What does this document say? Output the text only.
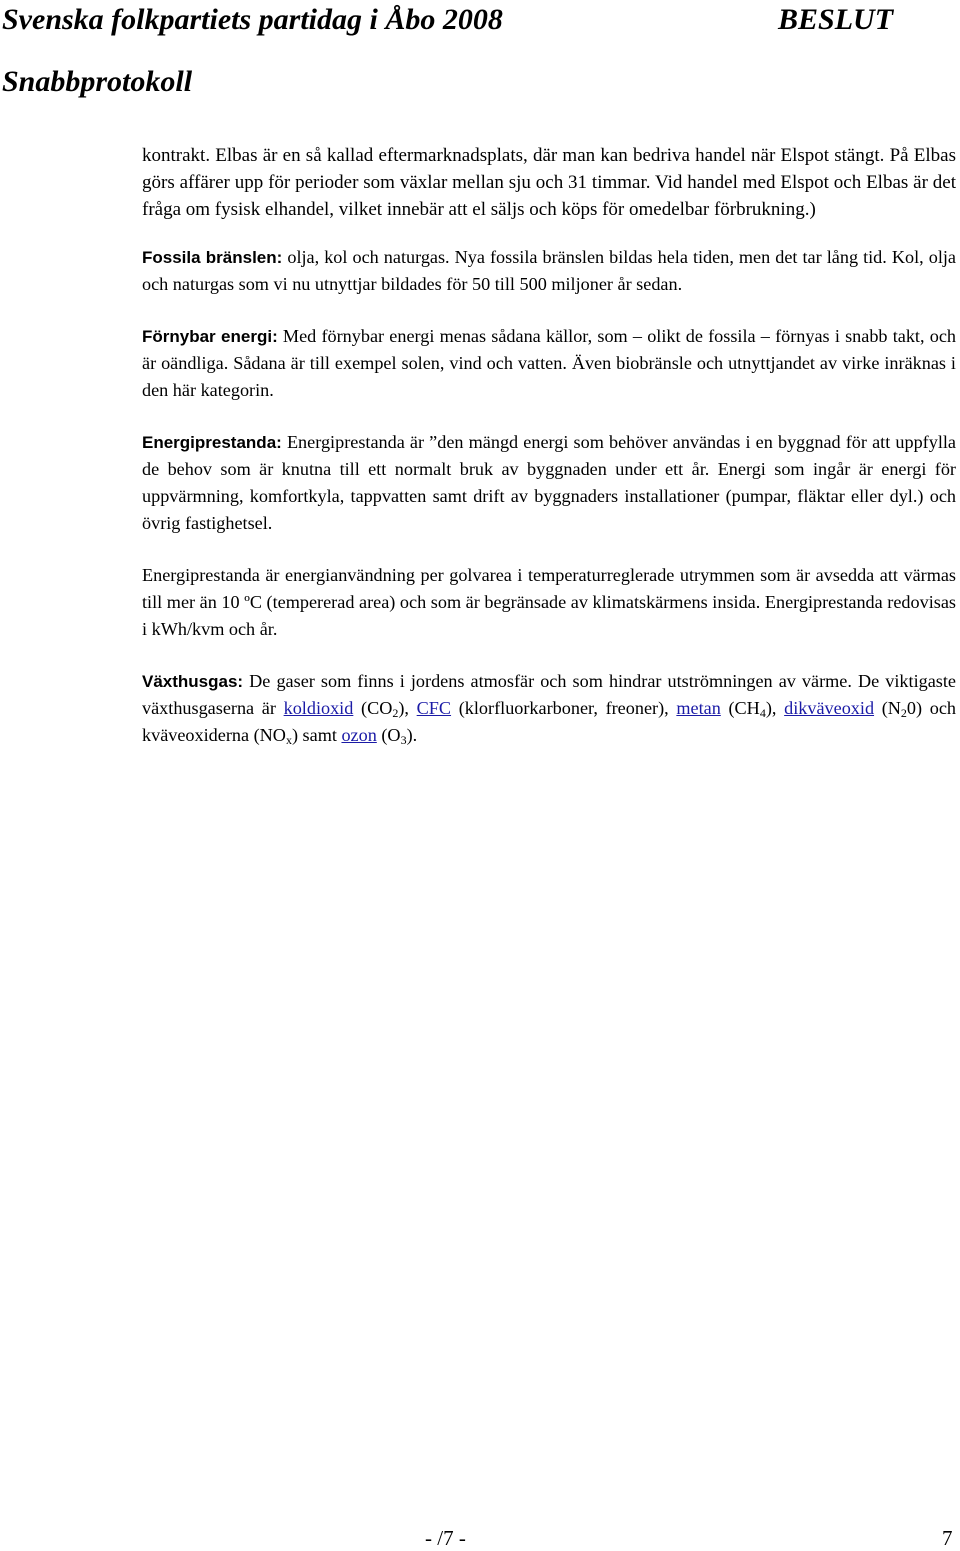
Svenska folkpartiets partidag i Åbo 2008	BESLUT
Snabbprotokoll

kontrakt. Elbas är en så kallad eftermarknadsplats, där man kan bedriva handel när Elspot stängt. På Elbas görs affärer upp för perioder som växlar mellan sju och 31 timmar. Vid handel med Elspot och Elbas är det fråga om fysisk elhandel, vilket innebär att el säljs och köps för omedelbar förbrukning.)

Fossila bränslen: olja, kol och naturgas. Nya fossila bränslen bildas hela tiden, men det tar lång tid. Kol, olja och naturgas som vi nu utnyttjar bildades för 50 till 500 miljoner år sedan.

Förnybar energi: Med förnybar energi menas sådana källor, som – olikt de fossila – förnyas i snabb takt, och är oändliga. Sådana är till exempel solen, vind och vatten. Även biobränsle och utnyttjandet av virke inräknas i den här kategorin.

Energiprestanda: Energiprestanda är ”den mängd energi som behöver användas i en byggnad för att uppfylla de behov som är knutna till ett normalt bruk av byggnaden under ett år. Energi som ingår är energi för uppvärmning, komfortkyla, tappvatten samt drift av byggnaders installationer (pumpar, fläktar eller dyl.) och övrig fastighetsel.

Energiprestanda är energianvändning per golvarea i temperaturreglerade utrymmen som är avsedda att värmas till mer än 10 ºC (tempererad area) och som är begränsade av klimatskärmens insida. Energiprestanda redovisas i kWh/kvm och år.

Växthusgas: De gaser som finns i jordens atmosfär och som hindrar utströmningen av värme. De viktigaste växthusgaserna är koldioxid $(CO_2)$, CFC (klorfluorkarboner, freoner), metan $(CH_4)$, dikväveoxid $(N_20)$ och kväveoxiderna $(NO_x)$ samt ozon $(O_3)$.

- /7 -	7
